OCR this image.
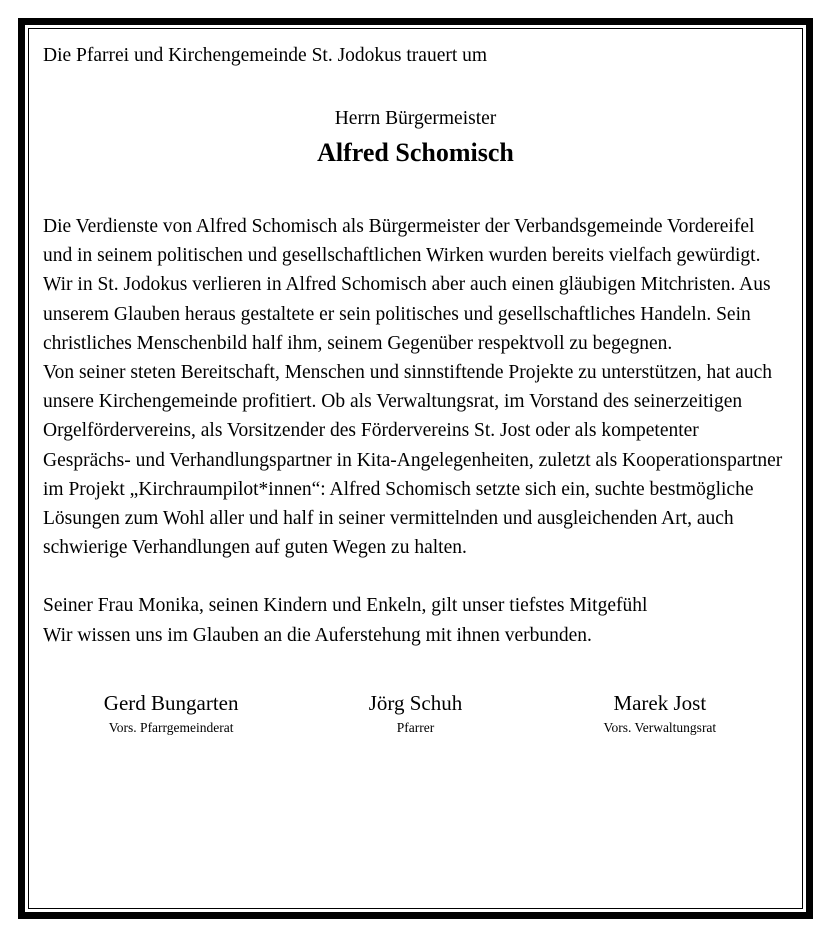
Die Pfarrei und Kirchengemeinde St. Jodokus trauert um
Herrn Bürgermeister
Alfred Schomisch
Die Verdienste von Alfred Schomisch als Bürgermeister der Verbandsgemeinde Vordereifel und in seinem politischen und gesellschaftlichen Wirken wurden bereits vielfach gewürdigt.
Wir in St. Jodokus verlieren in Alfred Schomisch aber auch einen gläubigen Mitchristen. Aus unserem Glauben heraus gestaltete er sein politisches und gesellschaftliches Handeln. Sein christliches Menschenbild half ihm, seinem Gegenüber respektvoll zu begegnen.
Von seiner steten Bereitschaft, Menschen und sinnstiftende Projekte zu unterstützen, hat auch unsere Kirchengemeinde profitiert. Ob als Verwaltungsrat, im Vorstand des seinerzeitigen Orgelfördervereins, als Vorsitzender des Fördervereins St. Jost oder als kompetenter Gesprächs- und Verhandlungspartner in Kita-Angelegenheiten, zuletzt als Kooperationspartner im Projekt „Kirchraumpilot*innen“: Alfred Schomisch setzte sich ein, suchte bestmögliche Lösungen zum Wohl aller und half in seiner vermittelnden und ausgleichenden Art, auch schwierige Verhandlungen auf guten Wegen zu halten.
Seiner Frau Monika, seinen Kindern und Enkeln, gilt unser tiefstes Mitgefühl
Wir wissen uns im Glauben an die Auferstehung mit ihnen verbunden.
Gerd Bungarten
Vors. Pfarrgemeinderat
Jörg Schuh
Pfarrer
Marek Jost
Vors. Verwaltungsrat
